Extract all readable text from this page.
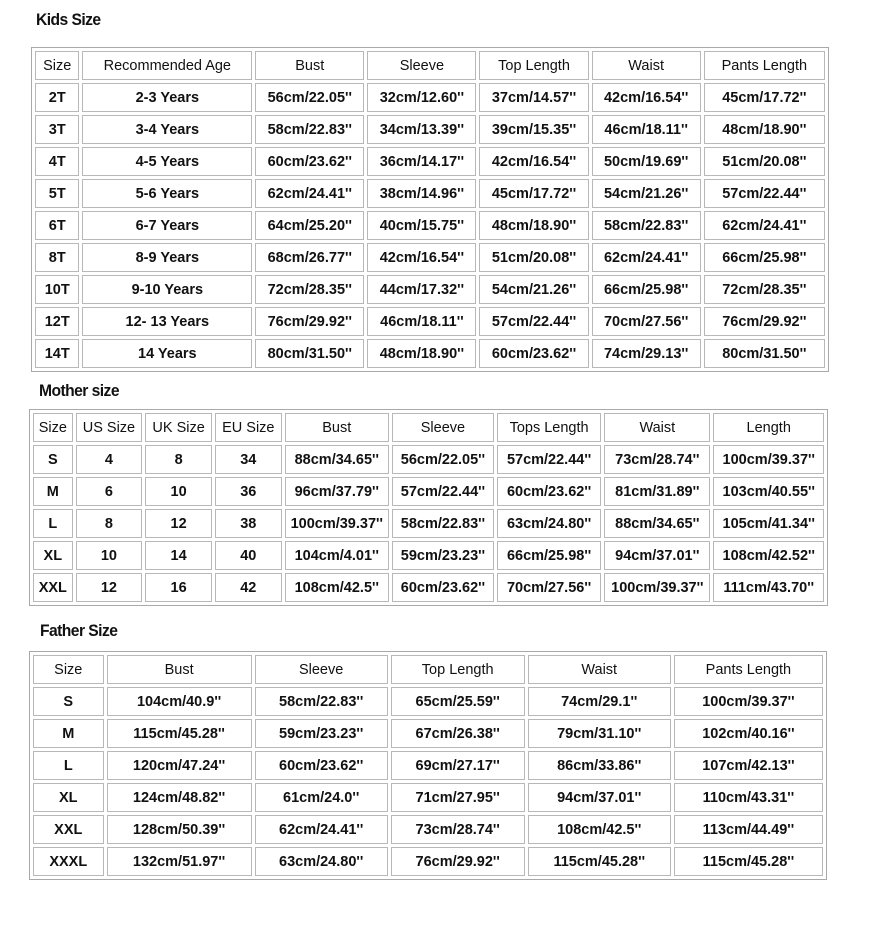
Kids Size
Size	Recommended Age	Bust	Sleeve	Top Length	Waist	Pants Length
2T	2-3 Years	56cm/22.05''	32cm/12.60''	37cm/14.57''	42cm/16.54''	45cm/17.72''
3T	3-4 Years	58cm/22.83''	34cm/13.39''	39cm/15.35''	46cm/18.11''	48cm/18.90''
4T	4-5 Years	60cm/23.62''	36cm/14.17''	42cm/16.54''	50cm/19.69''	51cm/20.08''
5T	5-6 Years	62cm/24.41''	38cm/14.96''	45cm/17.72''	54cm/21.26''	57cm/22.44''
6T	6-7 Years	64cm/25.20''	40cm/15.75''	48cm/18.90''	58cm/22.83''	62cm/24.41''
8T	8-9 Years	68cm/26.77''	42cm/16.54''	51cm/20.08''	62cm/24.41''	66cm/25.98''
10T	9-10 Years	72cm/28.35''	44cm/17.32''	54cm/21.26''	66cm/25.98''	72cm/28.35''
12T	12- 13 Years	76cm/29.92''	46cm/18.11''	57cm/22.44''	70cm/27.56''	76cm/29.92''
14T	14 Years	80cm/31.50''	48cm/18.90''	60cm/23.62''	74cm/29.13''	80cm/31.50''
Mother size
Size	US Size	UK Size	EU Size	Bust	Sleeve	Tops Length	Waist	Length
S	4	8	34	88cm/34.65''	56cm/22.05''	57cm/22.44''	73cm/28.74''	100cm/39.37''
M	6	10	36	96cm/37.79''	57cm/22.44''	60cm/23.62''	81cm/31.89''	103cm/40.55''
L	8	12	38	100cm/39.37''	58cm/22.83''	63cm/24.80''	88cm/34.65''	105cm/41.34''
XL	10	14	40	104cm/4.01''	59cm/23.23''	66cm/25.98''	94cm/37.01''	108cm/42.52''
XXL	12	16	42	108cm/42.5''	60cm/23.62''	70cm/27.56''	100cm/39.37''	111cm/43.70''
Father Size
Size	Bust	Sleeve	Top Length	Waist	Pants Length
S	104cm/40.9''	58cm/22.83''	65cm/25.59''	74cm/29.1''	100cm/39.37''
M	115cm/45.28''	59cm/23.23''	67cm/26.38''	79cm/31.10''	102cm/40.16''
L	120cm/47.24''	60cm/23.62''	69cm/27.17''	86cm/33.86''	107cm/42.13''
XL	124cm/48.82''	61cm/24.0''	71cm/27.95''	94cm/37.01''	110cm/43.31''
XXL	128cm/50.39''	62cm/24.41''	73cm/28.74''	108cm/42.5''	113cm/44.49''
XXXL	132cm/51.97''	63cm/24.80''	76cm/29.92''	115cm/45.28''	115cm/45.28''
